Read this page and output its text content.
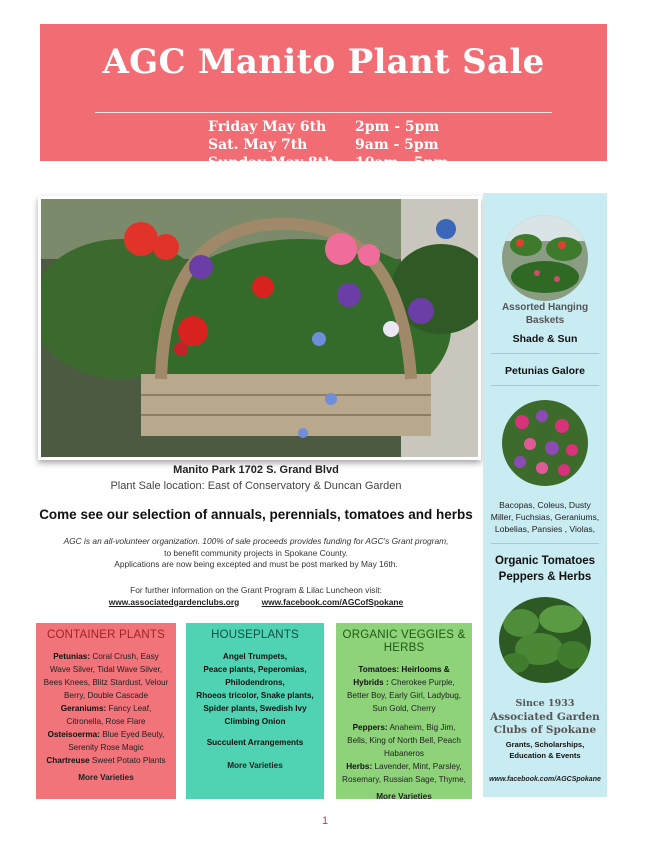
AGC Manito Plant Sale
Friday May 6th 2pm - 5pm
Sat. May 7th	9am - 5pm
Sunday May 8th 10am - 5pm
Manito Park 1702 S. Grand Blvd
Plant Sale location: East of Conservatory & Duncan Garden
Come see our selection of annuals, perennials, tomatoes and herbs
AGC is an all-volunteer organization. 100% of sale proceeds provides funding for AGC's Grant program,
to benefit community projects in Spokane County.
Applications are now being excepted and must be post marked by May 16th.
For further information on the Grant Program & Lilac Luncheon visit:
www.associatedgardenclubs.org	www.facebook.com/AGCofSpokane
CONTAINER PLANTS

Petunias: Coral Crush, Easy Wave Silver, Tidal Wave Silver, Bees Knees, Blitz Stardust, Velour Berry, Double Cascade

Geraniums: Fancy Leaf, Citronella, Rose Flare

Osteisoerma: Blue Eyed Beuty, Serenity Rose Magic

Chartreuse Sweet Potato Plants

More Varieties
HOUSEPLANTS

Angel Trumpets,

Peace plants, Peperomias,

Philodendrons,

Rhoeos tricolor, Snake plants,

Spider plants, Swedish Ivy

Climbing Onion

Succulent Arrangements

More Varieties
ORGANIC VEGGIES & HERBS

Tomatoes: Heirlooms & Hybrids : Cherokee Purple, Better Boy, Early Girl, Ladybug, Sun Gold, Cherry

Peppers: Anaheim, Big Jim, Bells, King of North Bell, Peach Habaneros

Herbs: Lavender, Mint, Parsley, Rosemary, Russian Sage, Thyme,

More Varieties
Assorted Hanging Baskets
Shade & Sun
Petunias Galore
Bacopas, Coleus, Dusty Miller, Fuchsias, Geraniums, Lobelias, Pansies , Violas,
Organic Tomatoes
Peppers & Herbs
Since 1933
Associated Garden
Clubs of Spokane
Grants, Scholarships,
Education & Events
www.facebook.com/AGCSpokane
1
